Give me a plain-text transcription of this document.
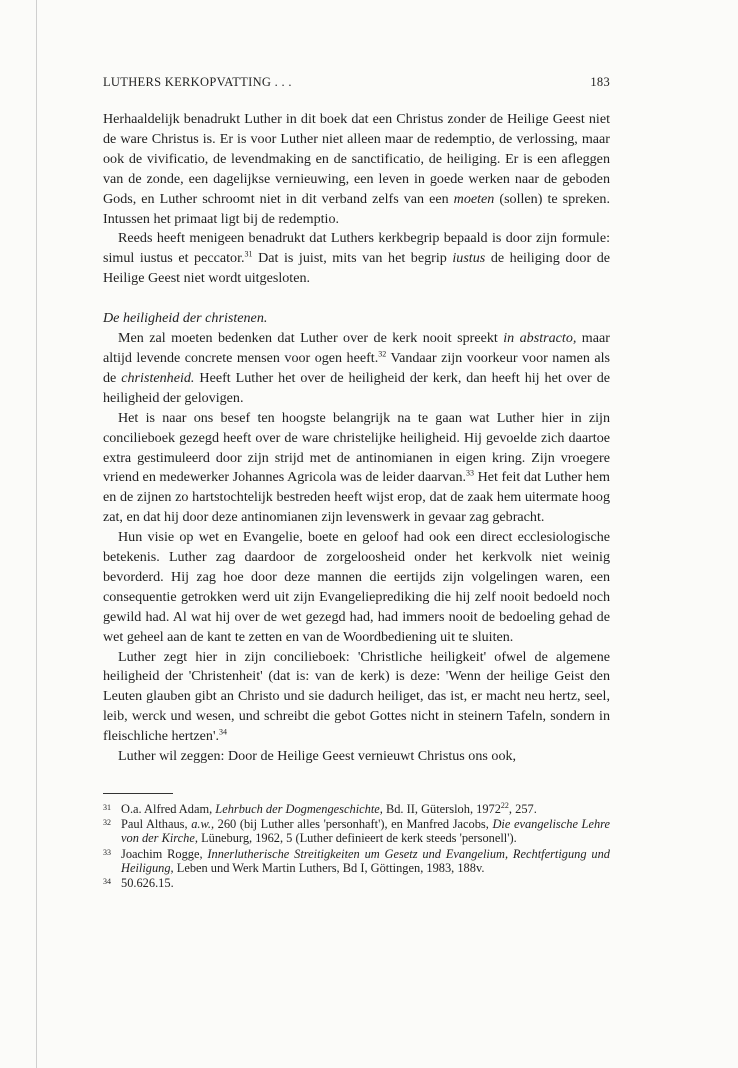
LUTHERS KERKOPVATTING . . .	183

Herhaaldelijk benadrukt Luther in dit boek dat een Christus zonder de Heilige Geest niet de ware Christus is. Er is voor Luther niet alleen maar de redemptio, de verlossing, maar ook de vivificatio, de levendmaking en de sanctificatio, de heiliging. Er is een afleggen van de zonde, een dagelijkse vernieuwing, een leven in goede werken naar de geboden Gods, en Luther schroomt niet in dit verband zelfs van een moeten (sollen) te spreken. Intussen het primaat ligt bij de redemptio.

Reeds heeft menigeen benadrukt dat Luthers kerkbegrip bepaald is door zijn formule: simul iustus et peccator.$^{31}$ Dat is juist, mits van het begrip iustus de heiliging door de Heilige Geest niet wordt uitgesloten.

De heiligheid der christenen.

Men zal moeten bedenken dat Luther over de kerk nooit spreekt in abstracto, maar altijd levende concrete mensen voor ogen heeft.$^{32}$ Vandaar zijn voorkeur voor namen als de christenheid. Heeft Luther het over de heiligheid der kerk, dan heeft hij het over de heiligheid der gelovigen.

Het is naar ons besef ten hoogste belangrijk na te gaan wat Luther hier in zijn concilieboek gezegd heeft over de ware christelijke heiligheid. Hij gevoelde zich daartoe extra gestimuleerd door zijn strijd met de antinomianen in eigen kring. Zijn vroegere vriend en medewerker Johannes Agricola was de leider daarvan.$^{33}$ Het feit dat Luther hem en de zijnen zo hartstochtelijk bestreden heeft wijst erop, dat de zaak hem uitermate hoog zat, en dat hij door deze antinomianen zijn levenswerk in gevaar zag gebracht.

Hun visie op wet en Evangelie, boete en geloof had ook een direct ecclesiologische betekenis. Luther zag daardoor de zorgeloosheid onder het kerkvolk niet weinig bevorderd. Hij zag hoe door deze mannen die eertijds zijn volgelingen waren, een consequentie getrokken werd uit zijn Evangelieprediking die hij zelf nooit bedoeld noch gewild had. Al wat hij over de wet gezegd had, had immers nooit de bedoeling gehad de wet geheel aan de kant te zetten en van de Woordbediening uit te sluiten.

Luther zegt hier in zijn concilieboek: 'Christliche heiligkeit' ofwel de algemene heiligheid der 'Christenheit' (dat is: van de kerk) is deze: 'Wenn der heilige Geist den Leuten glauben gibt an Christo und sie dadurch heiliget, das ist, er macht neu hertz, seel, leib, werck und wesen, und schreibt die gebot Gottes nicht in steinern Tafeln, sondern in fleischliche hertzen'.$^{34}$

Luther wil zeggen: Door de Heilige Geest vernieuwt Christus ons ook,

31 O.a. Alfred Adam, Lehrbuch der Dogmengeschichte, Bd. II, Gütersloh, 1972$^{22}$, 257.

32 Paul Althaus, a.w., 260 (bij Luther alles 'personhaft'), en Manfred Jacobs, Die evangelische Lehre von der Kirche, Lüneburg, 1962, 5 (Luther definieert de kerk steeds 'personell').

33 Joachim Rogge, Innerlutherische Streitigkeiten um Gesetz und Evangelium, Rechtfertigung und Heiligung, Leben und Werk Martin Luthers, Bd I, Göttingen, 1983, 188v.

34 50.626.15.
